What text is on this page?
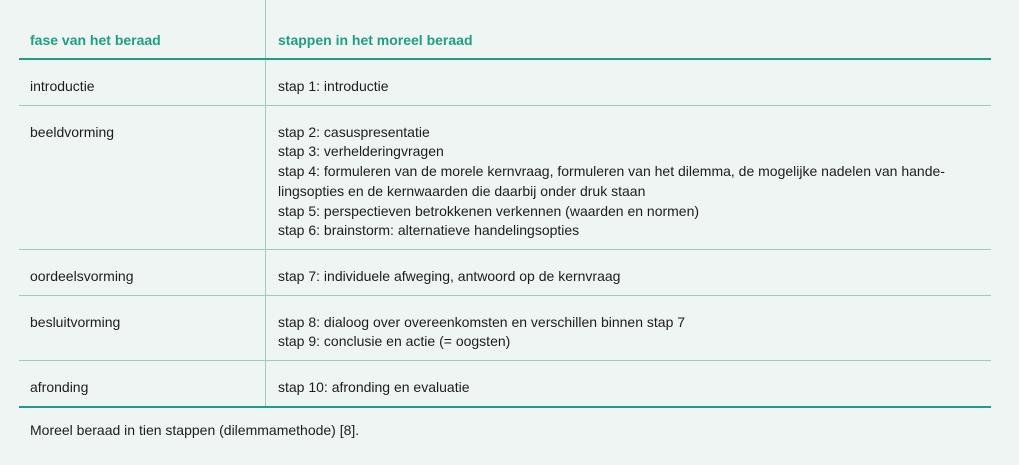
fase van het beraad	stappen in het moreel beraad
introductie	stap 1: introductie
beeldvorming	stap 2: casuspresentatie
stap 3: verhelderingvragen
stap 4: formuleren van de morele kernvraag, formuleren van het dilemma, de mogelijke nadelen van hande-
lingsopties en de kernwaarden die daarbij onder druk staan
stap 5: perspectieven betrokkenen verkennen (waarden en normen)
stap 6: brainstorm: alternatieve handelingsopties
oordeelsvorming	stap 7: individuele afweging, antwoord op de kernvraag
besluitvorming	stap 8: dialoog over overeenkomsten en verschillen binnen stap 7
stap 9: conclusie en actie (= oogsten)
afronding	stap 10: afronding en evaluatie
Moreel beraad in tien stappen (dilemmamethode) [8].
